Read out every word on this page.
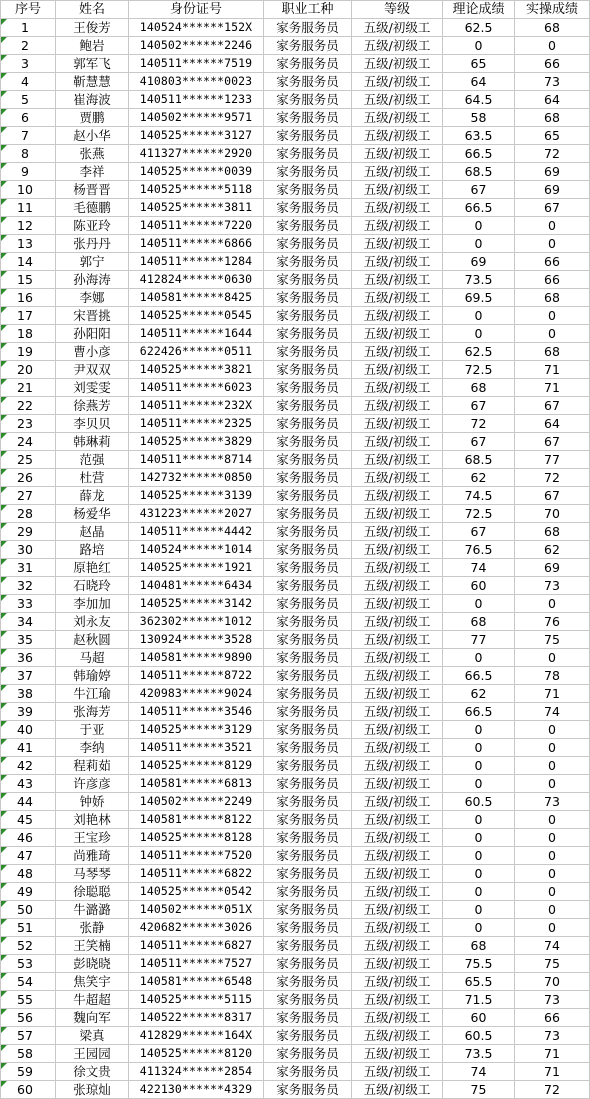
序号	姓名	身份证号	职业工种	等级	理论成绩	实操成绩
1	王俊芳	140524******152X	家务服务员	五级/初级工	62.5	68
2	鲍岩	140502******2246	家务服务员	五级/初级工	0	0
3	郭军飞	140511******7519	家务服务员	五级/初级工	65	66
4	靳慧慧	410803******0023	家务服务员	五级/初级工	64	73
5	崔海波	140511******1233	家务服务员	五级/初级工	64.5	64
6	贾鹏	140502******9571	家务服务员	五级/初级工	58	68
7	赵小华	140525******3127	家务服务员	五级/初级工	63.5	65
8	张燕	411327******2920	家务服务员	五级/初级工	66.5	72
9	李祥	140525******0039	家务服务员	五级/初级工	68.5	69
10	杨晋晋	140525******5118	家务服务员	五级/初级工	67	69
11	毛德鹏	140525******3811	家务服务员	五级/初级工	66.5	67
12	陈亚玲	140511******7220	家务服务员	五级/初级工	0	0
13	张丹丹	140511******6866	家务服务员	五级/初级工	0	0
14	郭宁	140511******1284	家务服务员	五级/初级工	69	66
15	孙海涛	412824******0630	家务服务员	五级/初级工	73.5	66
16	李娜	140581******8425	家务服务员	五级/初级工	69.5	68
17	宋晋挑	140525******0545	家务服务员	五级/初级工	0	0
18	孙阳阳	140511******1644	家务服务员	五级/初级工	0	0
19	曹小彦	622426******0511	家务服务员	五级/初级工	62.5	68
20	尹双双	140525******3821	家务服务员	五级/初级工	72.5	71
21	刘雯雯	140511******6023	家务服务员	五级/初级工	68	71
22	徐燕芳	140511******232X	家务服务员	五级/初级工	67	67
23	李贝贝	140511******2325	家务服务员	五级/初级工	72	64
24	韩琳莉	140525******3829	家务服务员	五级/初级工	67	67
25	范强	140511******8714	家务服务员	五级/初级工	68.5	77
26	杜营	142732******0850	家务服务员	五级/初级工	62	72
27	薛龙	140525******3139	家务服务员	五级/初级工	74.5	67
28	杨爱华	431223******2027	家务服务员	五级/初级工	72.5	70
29	赵晶	140511******4442	家务服务员	五级/初级工	67	68
30	路培	140524******1014	家务服务员	五级/初级工	76.5	62
31	原艳红	140525******1921	家务服务员	五级/初级工	74	69
32	石晓玲	140481******6434	家务服务员	五级/初级工	60	73
33	李加加	140525******3142	家务服务员	五级/初级工	0	0
34	刘永友	362302******1012	家务服务员	五级/初级工	68	76
35	赵秋圆	130924******3528	家务服务员	五级/初级工	77	75
36	马超	140581******9890	家务服务员	五级/初级工	0	0
37	韩瑜婷	140511******8722	家务服务员	五级/初级工	66.5	78
38	牛江瑜	420983******9024	家务服务员	五级/初级工	62	71
39	张海芳	140511******3546	家务服务员	五级/初级工	66.5	74
40	于亚	140525******3129	家务服务员	五级/初级工	0	0
41	李纳	140511******3521	家务服务员	五级/初级工	0	0
42	程莉茹	140525******8129	家务服务员	五级/初级工	0	0
43	许彦彦	140581******6813	家务服务员	五级/初级工	0	0
44	钟娇	140502******2249	家务服务员	五级/初级工	60.5	73
45	刘艳林	140581******8122	家务服务员	五级/初级工	0	0
46	王宝珍	140525******8128	家务服务员	五级/初级工	0	0
47	尚雅琦	140511******7520	家务服务员	五级/初级工	0	0
48	马琴琴	140511******6822	家务服务员	五级/初级工	0	0
49	徐聪聪	140525******0542	家务服务员	五级/初级工	0	0
50	牛潞潞	140502******051X	家务服务员	五级/初级工	0	0
51	张静	420682******3026	家务服务员	五级/初级工	0	0
52	王笑楠	140511******6827	家务服务员	五级/初级工	68	74
53	彭晓晓	140511******7527	家务服务员	五级/初级工	75.5	75
54	焦笑宇	140581******6548	家务服务员	五级/初级工	65.5	70
55	牛超超	140525******5115	家务服务员	五级/初级工	71.5	73
56	魏向军	140522******8317	家务服务员	五级/初级工	60	66
57	梁真	412829******164X	家务服务员	五级/初级工	60.5	73
58	王园园	140525******8120	家务服务员	五级/初级工	73.5	71
59	徐文贵	411324******2854	家务服务员	五级/初级工	74	71
60	张琼灿	422130******4329	家务服务员	五级/初级工	75	72
